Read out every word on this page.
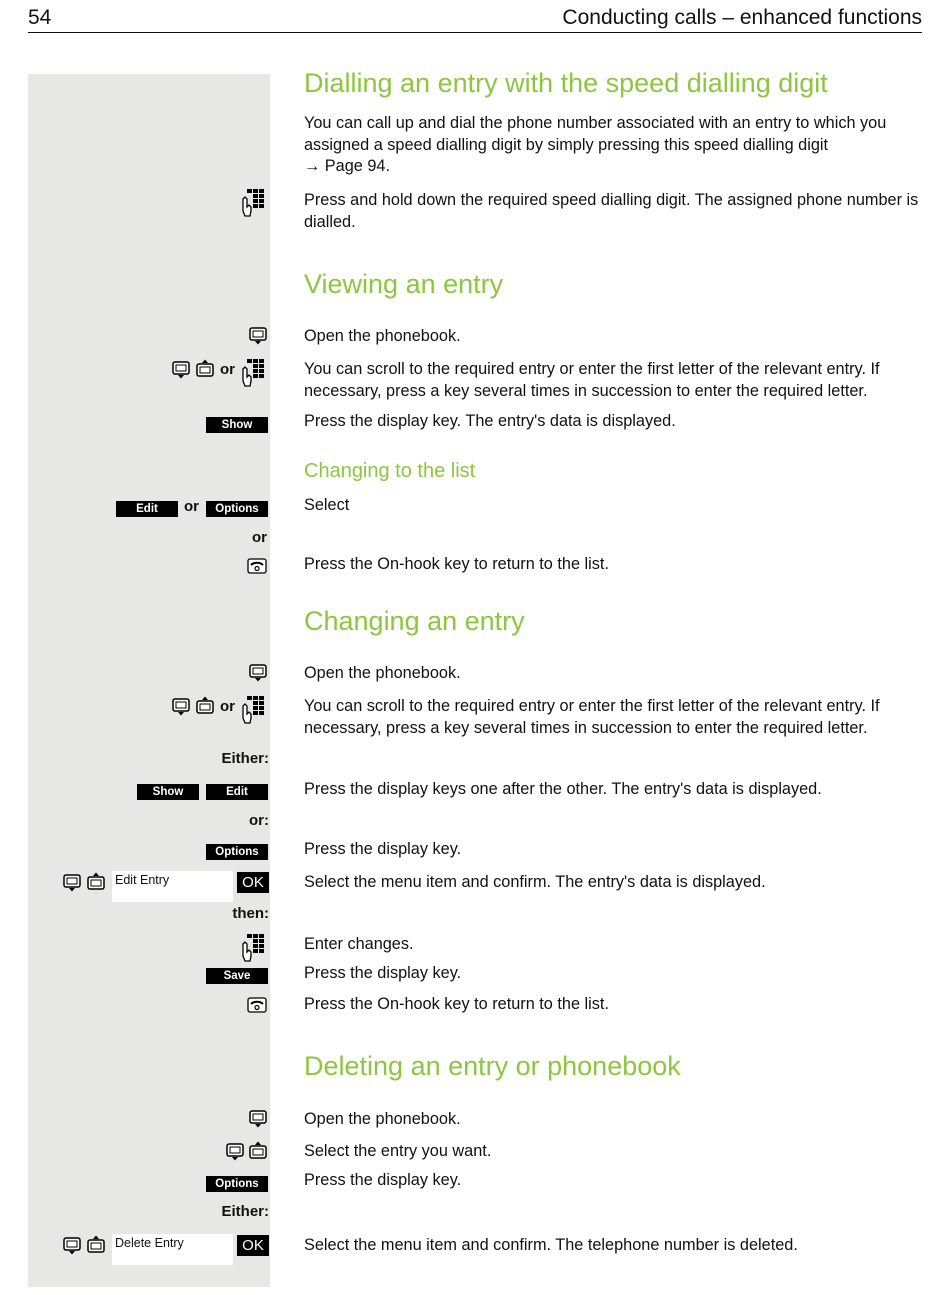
54	Conducting calls – enhanced functions
Dialling an entry with the speed dialling digit
You can call up and dial the phone number associated with an entry to which you assigned a speed dialling digit by simply pressing this speed dialling digit
→ Page 94.
Press and hold down the required speed dialling digit. The assigned phone number is dialled.
Viewing an entry
Open the phonebook.
or	You can scroll to the required entry or enter the first letter of the relevant entry. If necessary, press a key several times in succession to enter the required letter.
Show	Press the display key. The entry's data is displayed.
Changing to the list
Edit	or	Options	Select
or
Press the On-hook key to return to the list.
Changing an entry
Open the phonebook.
or	You can scroll to the required entry or enter the first letter of the relevant entry. If necessary, press a key several times in succession to enter the required letter.
Either:
Show	Edit	Press the display keys one after the other. The entry's data is displayed.
or:
Options	Press the display key.
Edit Entry	OK	Select the menu item and confirm. The entry's data is displayed.
then:
Enter changes.
Save	Press the display key.
Press the On-hook key to return to the list.
Deleting an entry or phonebook
Open the phonebook.
Select the entry you want.
Options	Press the display key.
Either:
Delete Entry	OK	Select the menu item and confirm. The telephone number is deleted.
